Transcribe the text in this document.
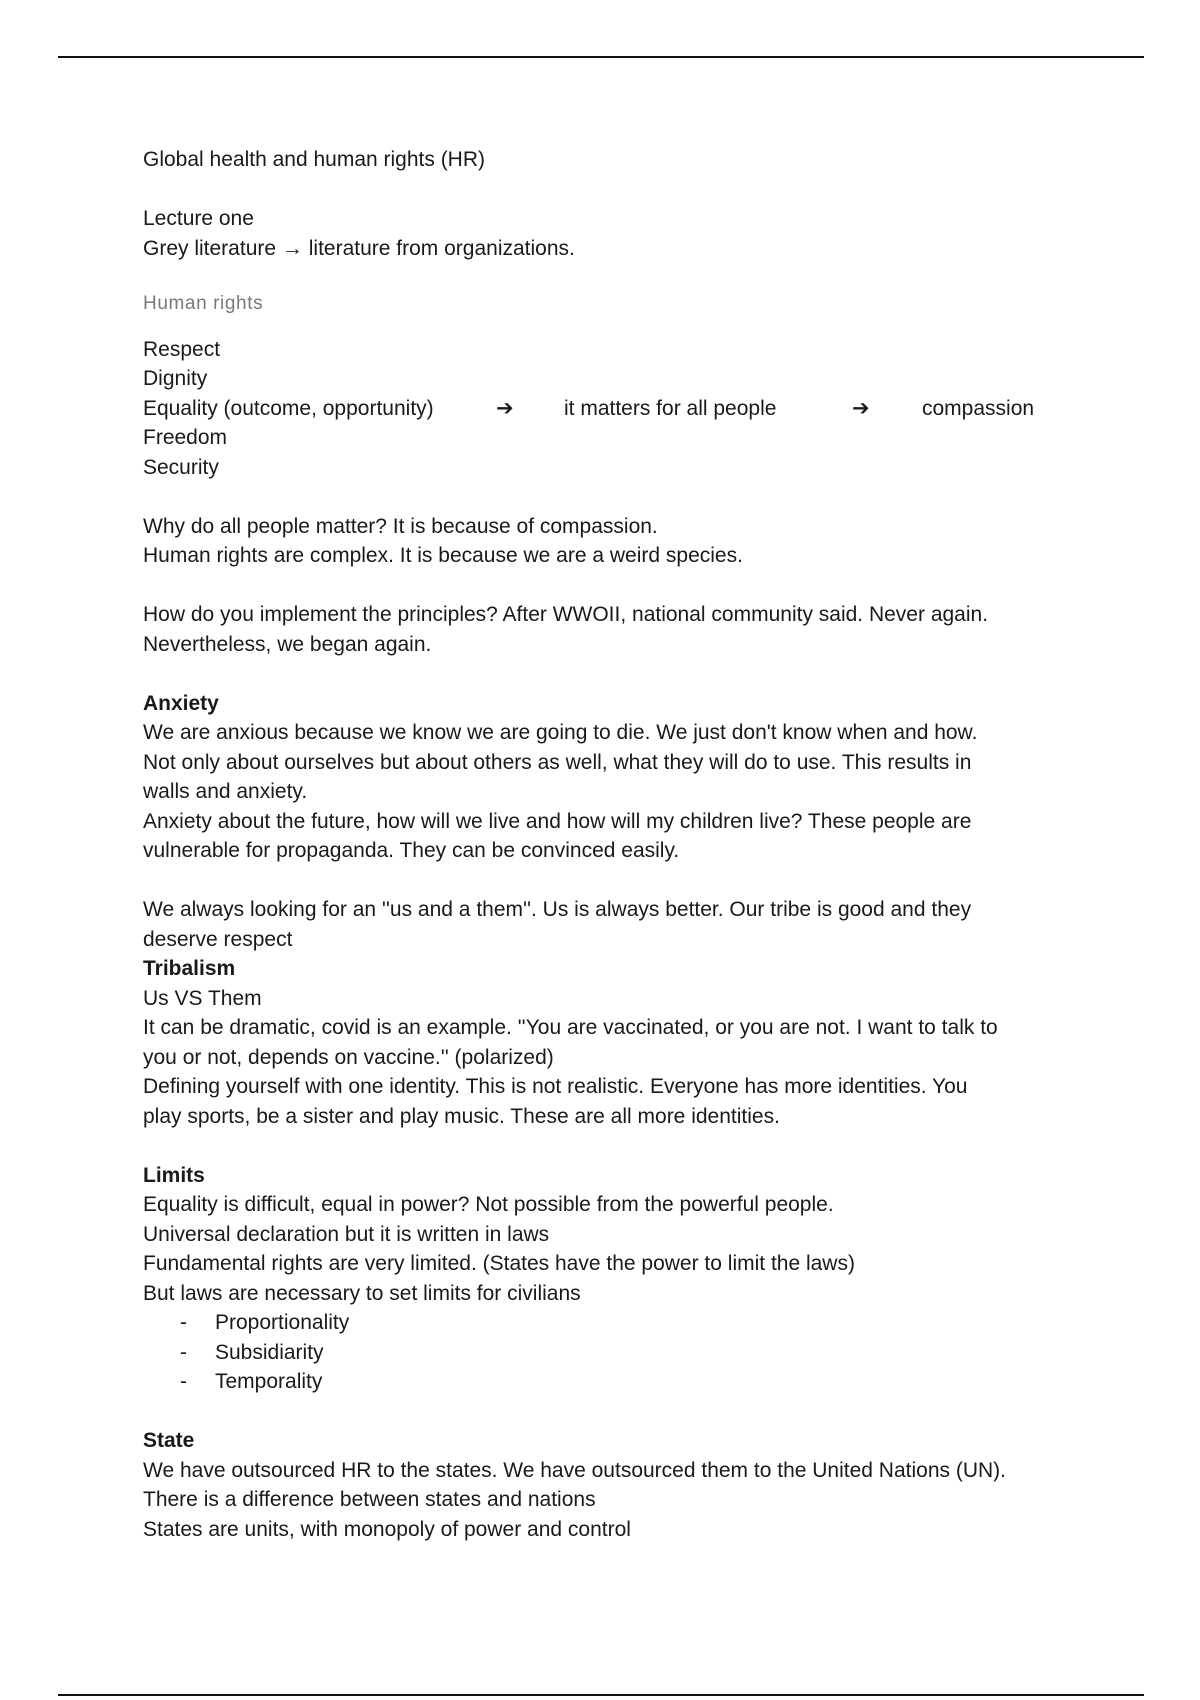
Global health and human rights (HR)
Lecture one
Grey literature → literature from organizations.
Human rights
Respect
Dignity
Equality (outcome, opportunity)	➔	it matters for all people	➔	compassion
Freedom
Security
Why do all people matter? It is because of compassion.
Human rights are complex. It is because we are a weird species.
How do you implement the principles? After WWOII, national community said. Never again.
Nevertheless, we began again.
Anxiety
We are anxious because we know we are going to die. We just don't know when and how.
Not only about ourselves but about others as well, what they will do to use. This results in
walls and anxiety.
Anxiety about the future, how will we live and how will my children live? These people are
vulnerable for propaganda. They can be convinced easily.
We always looking for an ''us and a them''. Us is always better. Our tribe is good and they
deserve respect
Tribalism
Us VS Them
It can be dramatic, covid is an example. ''You are vaccinated, or you are not. I want to talk to
you or not, depends on vaccine.'' (polarized)
Defining yourself with one identity. This is not realistic. Everyone has more identities. You
play sports, be a sister and play music. These are all more identities.
Limits
Equality is difficult, equal in power? Not possible from the powerful people.
Universal declaration but it is written in laws
Fundamental rights are very limited. (States have the power to limit the laws)
But laws are necessary to set limits for civilians
- Proportionality
- Subsidiarity
- Temporality
State
We have outsourced HR to the states. We have outsourced them to the United Nations (UN).
There is a difference between states and nations
States are units, with monopoly of power and control
